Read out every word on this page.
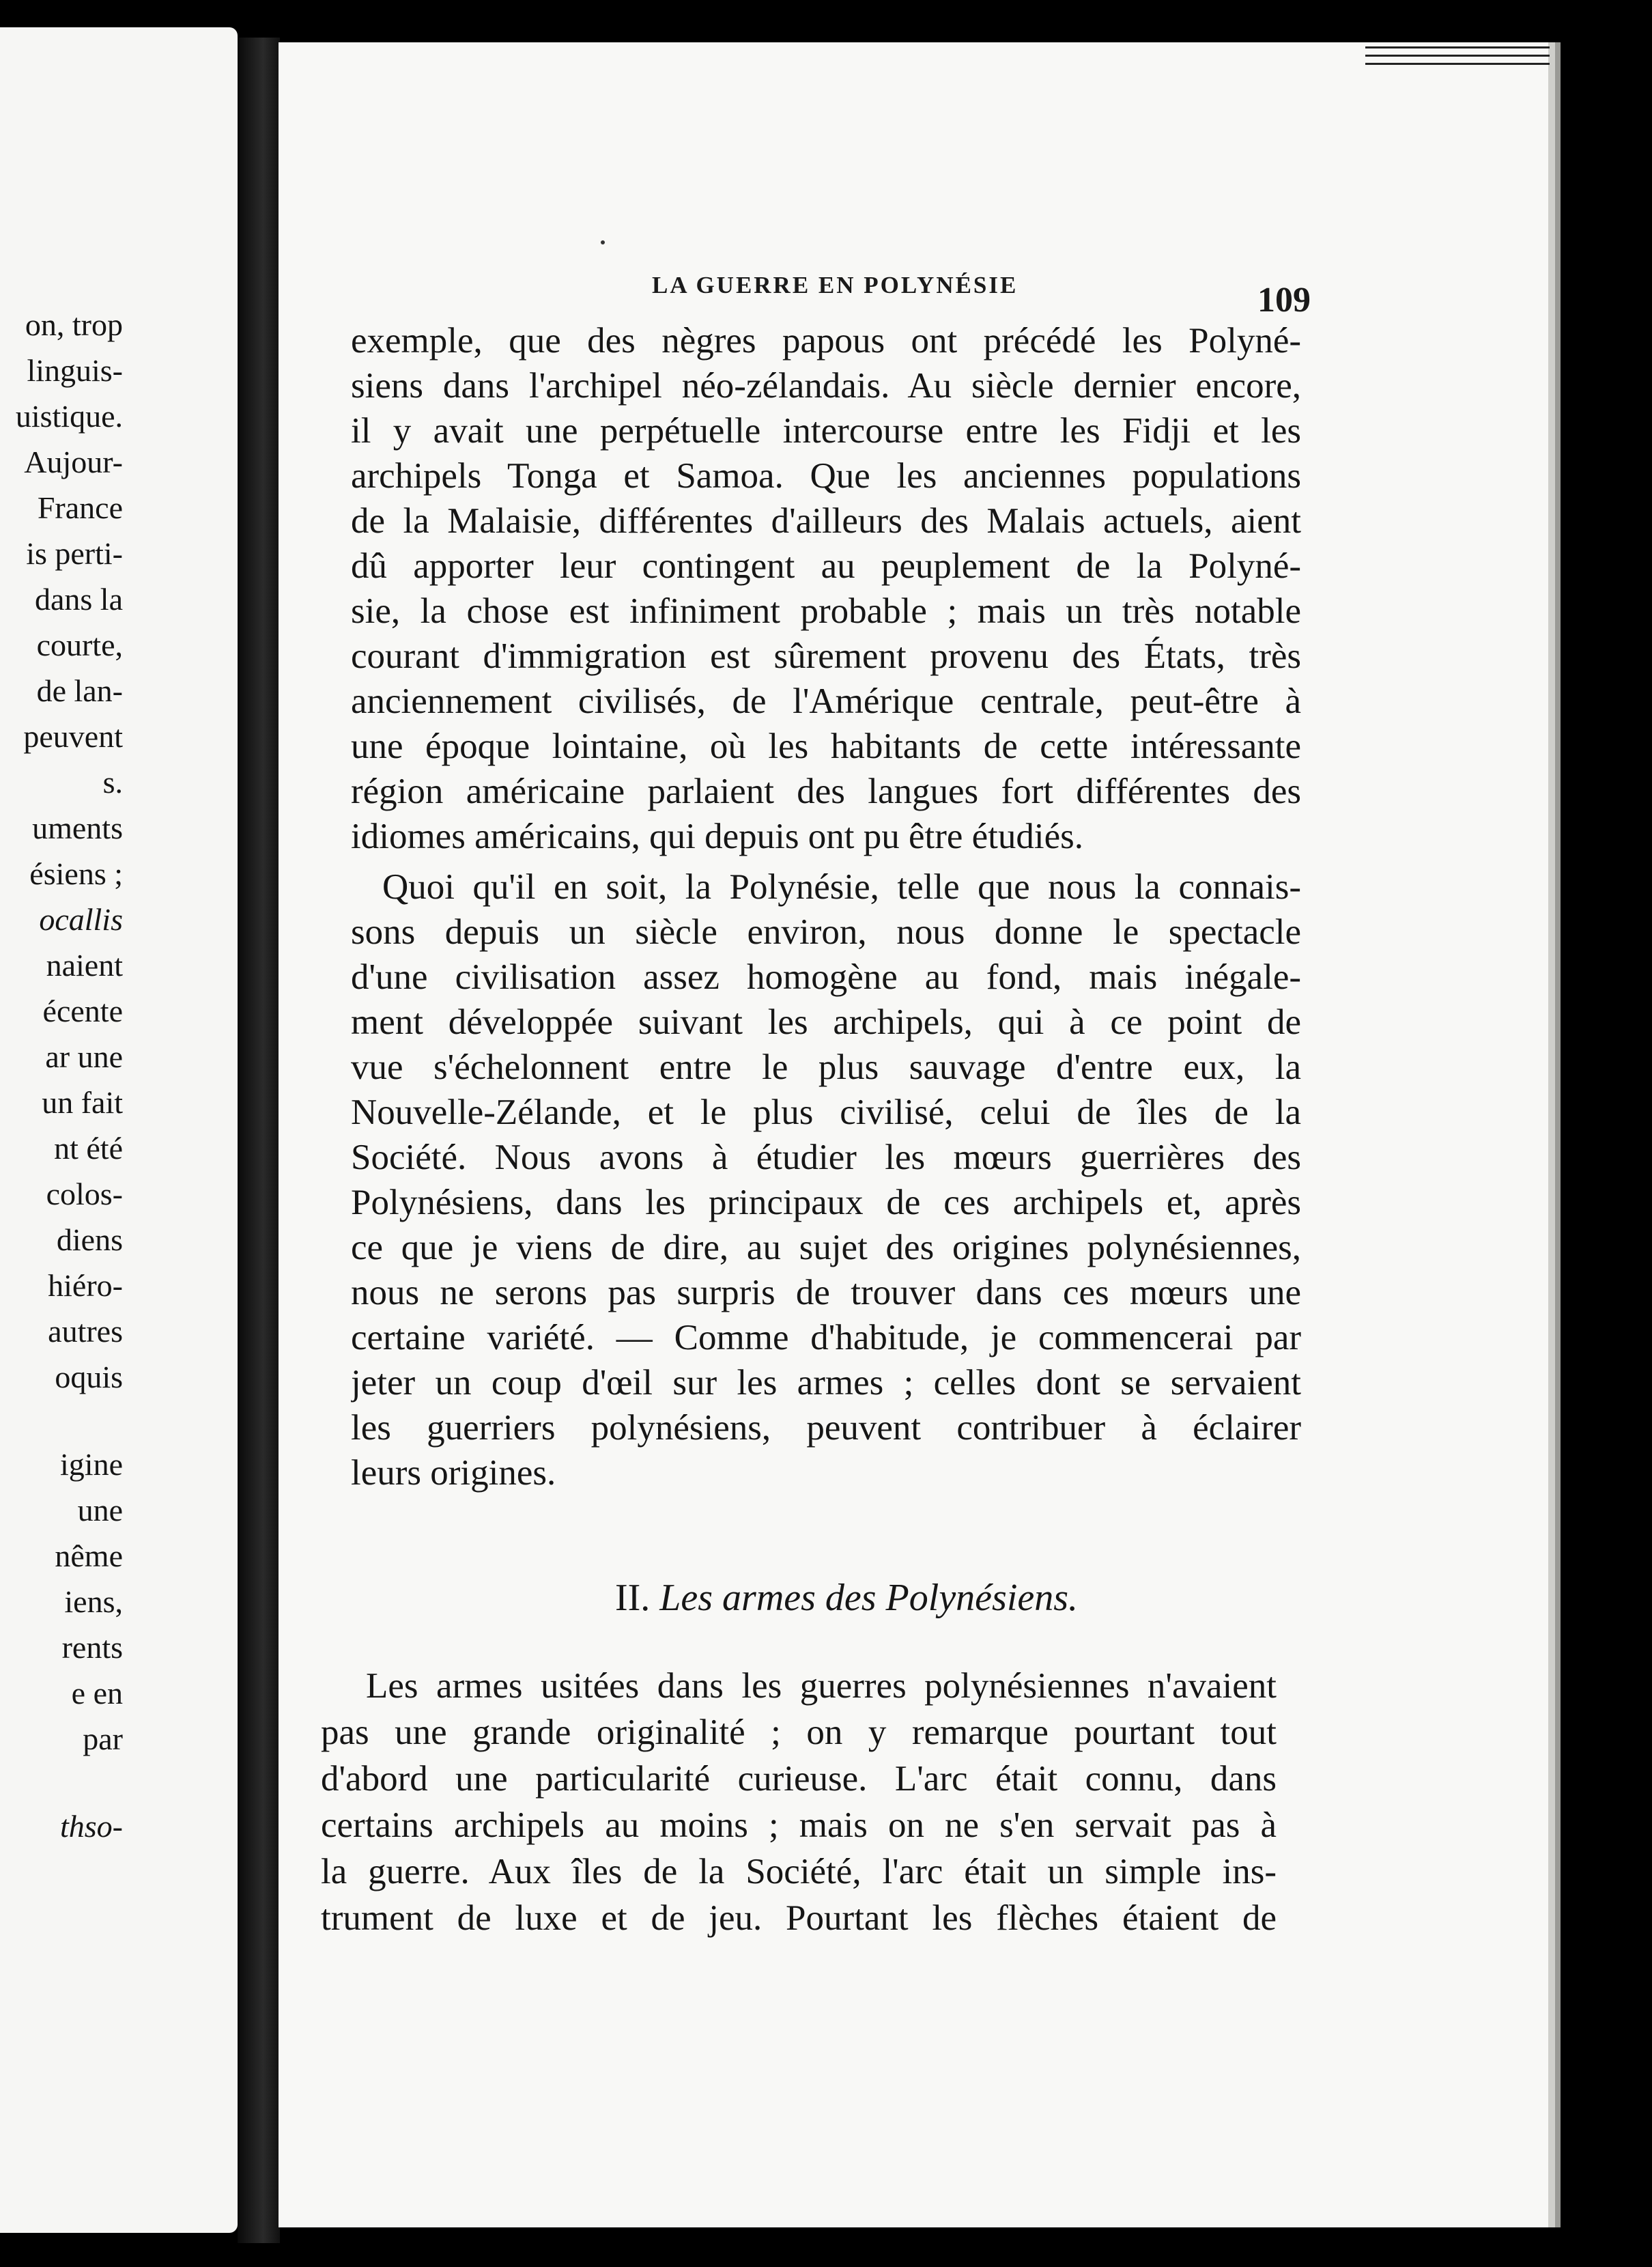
on, trop
linguis-
uistique.
Aujour-
France
is perti-
dans la
courte,
de lan-
peuvent
s.
uments
ésiens ;
ocallis
naient
écente
ar une
un fait
nt été
colos-
diens
hiéro-
autres
oquis
igine
une
nême
iens,
rents
e en
par
thso-
LA GUERRE EN POLYNÉSIE	109
exemple, que des nègres papous ont précédé les Polyné-
siens dans l'archipel néo-zélandais. Au siècle dernier encore,
il y avait une perpétuelle intercourse entre les Fidji et les
archipels Tonga et Samoa. Que les anciennes populations
de la Malaisie, différentes d'ailleurs des Malais actuels, aient
dû apporter leur contingent au peuplement de la Polyné-
sie, la chose est infiniment probable ; mais un très notable
courant d'immigration est sûrement provenu des États, très
anciennement civilisés, de l'Amérique centrale, peut-être à
une époque lointaine, où les habitants de cette intéressante
région américaine parlaient des langues fort différentes des
idiomes américains, qui depuis ont pu être étudiés.
Quoi qu'il en soit, la Polynésie, telle que nous la connais-
sons depuis un siècle environ, nous donne le spectacle
d'une civilisation assez homogène au fond, mais inégale-
ment développée suivant les archipels, qui à ce point de
vue s'échelonnent entre le plus sauvage d'entre eux, la
Nouvelle-Zélande, et le plus civilisé, celui de îles de la
Société. Nous avons à étudier les mœurs guerrières des
Polynésiens, dans les principaux de ces archipels et, après
ce que je viens de dire, au sujet des origines polynésiennes,
nous ne serons pas surpris de trouver dans ces mœurs une
certaine variété. — Comme d'habitude, je commencerai par
jeter un coup d'œil sur les armes ; celles dont se servaient
les guerriers polynésiens, peuvent contribuer à éclairer
leurs origines.
II. Les armes des Polynésiens.
Les armes usitées dans les guerres polynésiennes n'avaient
pas une grande originalité ; on y remarque pourtant tout
d'abord une particularité curieuse. L'arc était connu, dans
certains archipels au moins ; mais on ne s'en servait pas à
la guerre. Aux îles de la Société, l'arc était un simple ins-
trument de luxe et de jeu. Pourtant les flèches étaient de
